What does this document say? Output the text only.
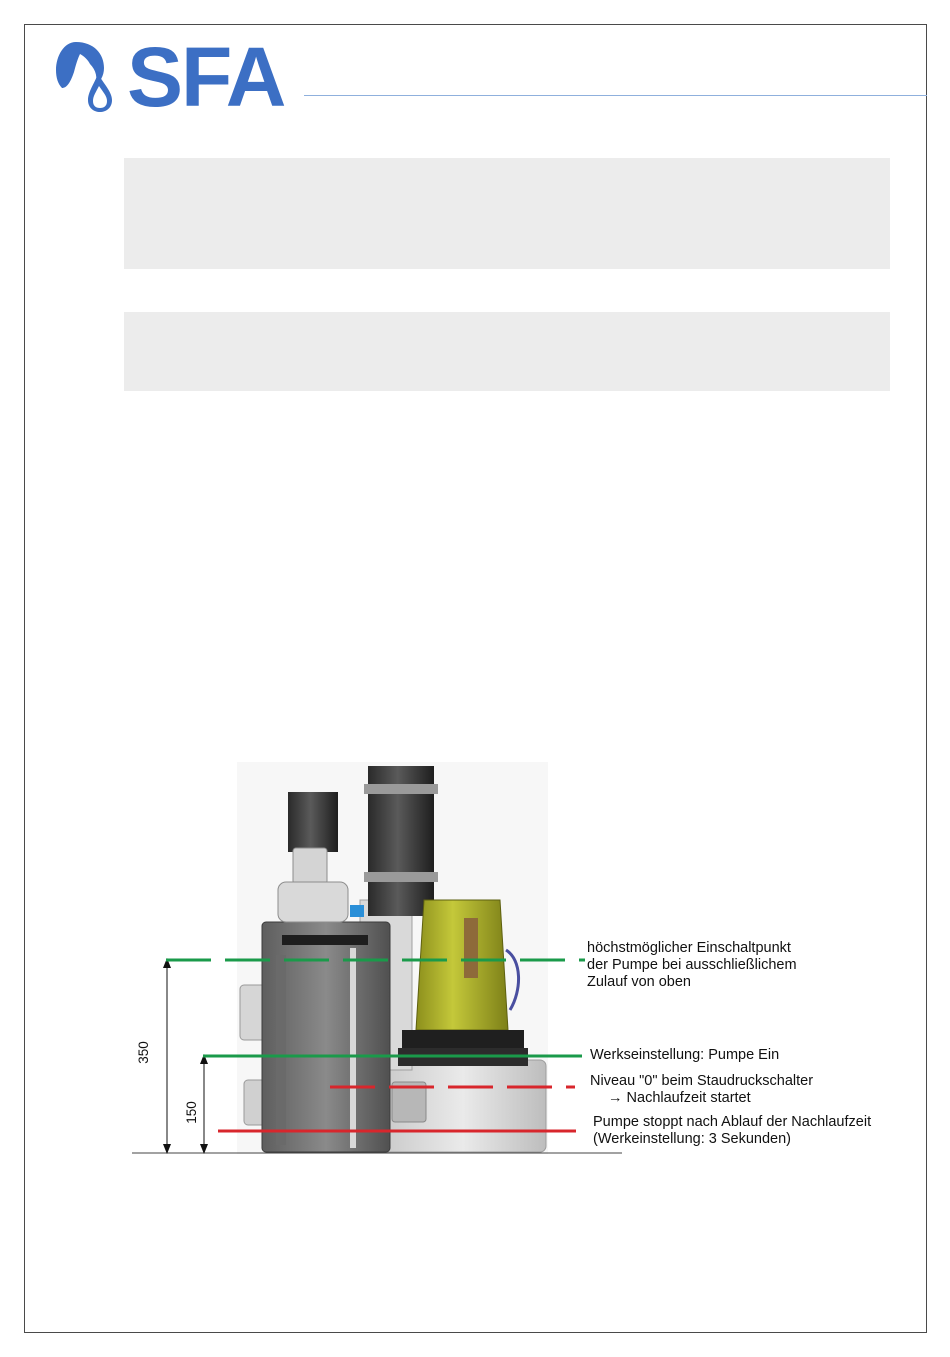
SFA
350
150
höchstmöglicher Einschaltpunkt
der Pumpe bei ausschließlichem
Zulauf von oben
Werkseinstellung: Pumpe Ein
Niveau "0" beim Staudruckschalter
→ Nachlaufzeit startet
Pumpe stoppt nach Ablauf der Nachlaufzeit
(Werkeinstellung: 3 Sekunden)
